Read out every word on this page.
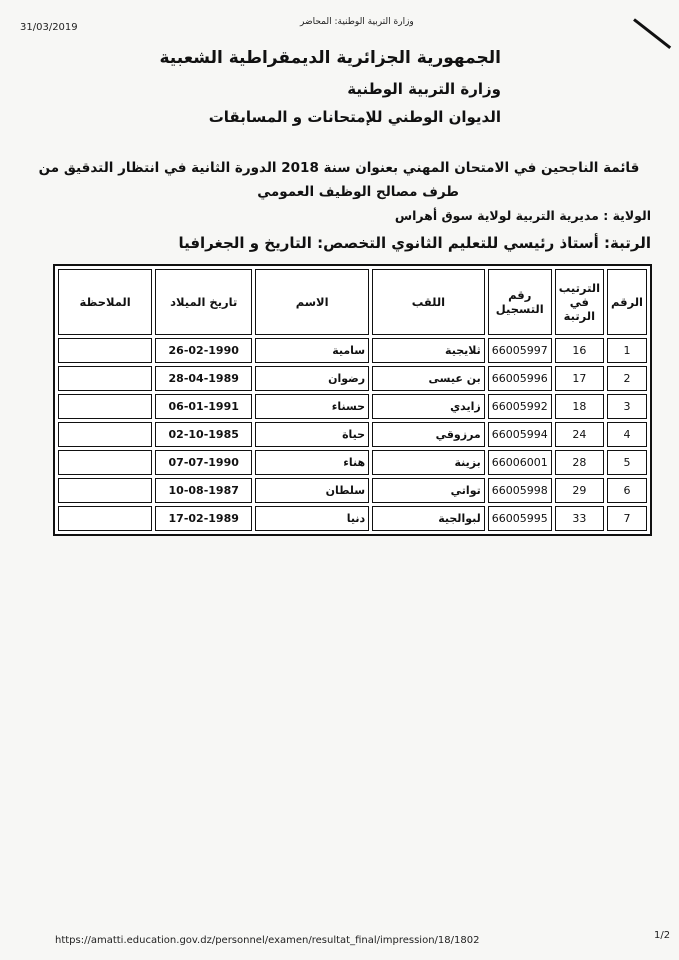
31/03/2019	وزارة التربية الوطنية: المحاضر
الجمهورية الجزائرية الديمقراطية الشعبية
وزارة التربية الوطنية
الديوان الوطني للإمتحانات و المسابقات
قائمة الناجحين في الامتحان المهني بعنوان سنة 2018 الدورة الثانية في انتظار التدقيق من
طرف مصالح الوظيف العمومي
الولاية : مديرية التربية لولاية سوق أهراس
الرتبة: أستاذ رئيسي للتعليم الثانوي التخصص: التاريخ و الجغرافيا
الرقم	الترتيب في الرتبة	رقم التسجيل	اللقب	الاسم	تاريخ الميلاد	الملاحظة
1	16	66005997	ثلايجية	سامية	26-02-1990	
2	17	66005996	بن عيسى	رضوان	28-04-1989	
3	18	66005992	زايدي	حسناء	06-01-1991	
4	24	66005994	مرزوقي	حياة	02-10-1985	
5	28	66006001	بزينة	هناء	07-07-1990	
6	29	66005998	تواتي	سلطان	10-08-1987	
7	33	66005995	لبوالجية	دنيا	17-02-1989	
https://amatti.education.gov.dz/personnel/examen/resultat_final/impression/18/1802	1/2
